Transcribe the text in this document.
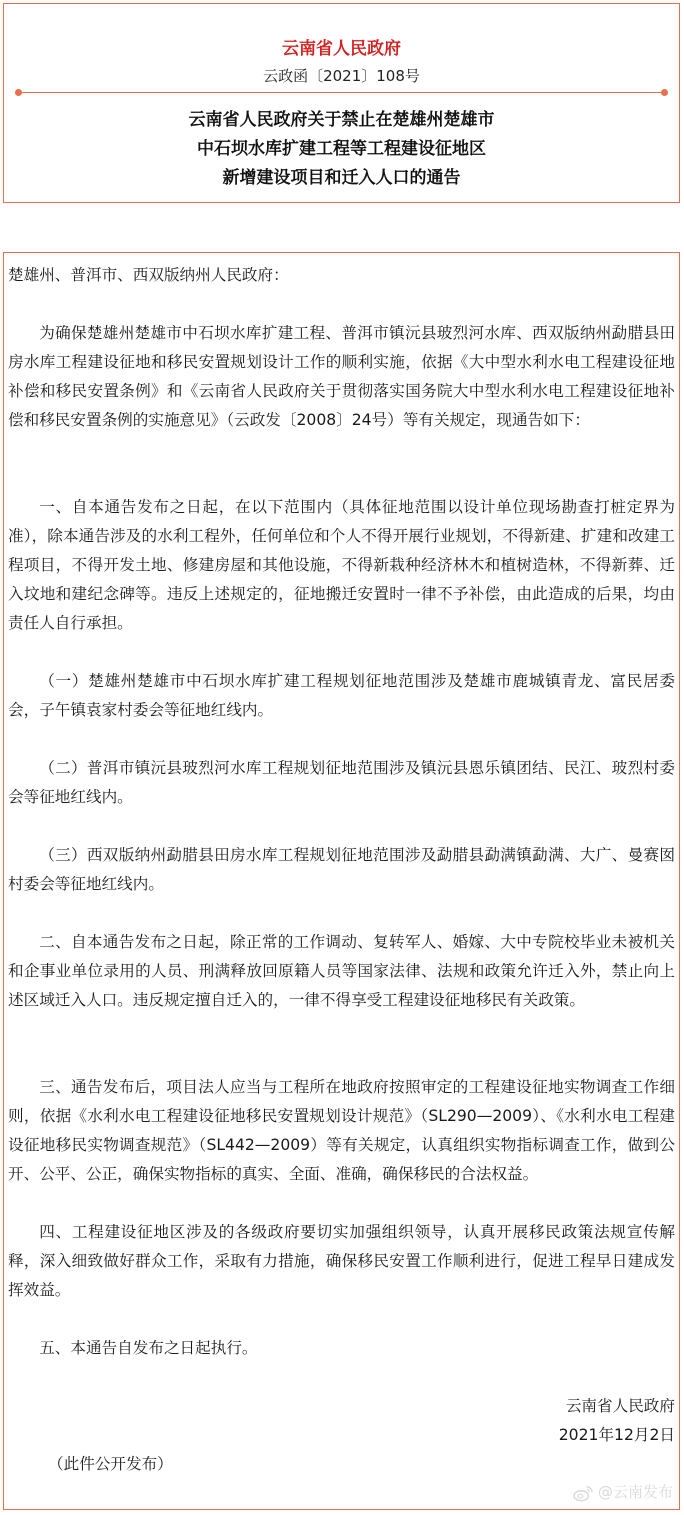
云南省人民政府
云政函〔2021〕108号
云南省人民政府关于禁止在楚雄州楚雄市
中石坝水库扩建工程等工程建设征地区
新增建设项目和迁入人口的通告
楚雄州、普洱市、西双版纳州人民政府：
为确保楚雄州楚雄市中石坝水库扩建工程、普洱市镇沅县玻烈河水库、西双版纳州勐腊县田房水库工程建设征地和移民安置规划设计工作的顺利实施，依据《大中型水利水电工程建设征地补偿和移民安置条例》和《云南省人民政府关于贯彻落实国务院大中型水利水电工程建设征地补偿和移民安置条例的实施意见》（云政发〔2008〕24号）等有关规定，现通告如下：
一、自本通告发布之日起，在以下范围内（具体征地范围以设计单位现场勘查打桩定界为准），除本通告涉及的水利工程外，任何单位和个人不得开展行业规划，不得新建、扩建和改建工程项目，不得开发土地、修建房屋和其他设施，不得新栽种经济林木和植树造林，不得新葬、迁入坟地和建纪念碑等。违反上述规定的，征地搬迁安置时一律不予补偿，由此造成的后果，均由责任人自行承担。
（一）楚雄州楚雄市中石坝水库扩建工程规划征地范围涉及楚雄市鹿城镇青龙、富民居委会，子午镇袁家村委会等征地红线内。
（二）普洱市镇沅县玻烈河水库工程规划征地范围涉及镇沅县恩乐镇团结、民江、玻烈村委会等征地红线内。
（三）西双版纳州勐腊县田房水库工程规划征地范围涉及勐腊县勐满镇勐满、大广、曼赛囡村委会等征地红线内。
二、自本通告发布之日起，除正常的工作调动、复转军人、婚嫁、大中专院校毕业未被机关和企事业单位录用的人员、刑满释放回原籍人员等国家法律、法规和政策允许迁入外，禁止向上述区域迁入人口。违反规定擅自迁入的，一律不得享受工程建设征地移民有关政策。
三、通告发布后，项目法人应当与工程所在地政府按照审定的工程建设征地实物调查工作细则，依据《水利水电工程建设征地移民安置规划设计规范》（SL290—2009）、《水利水电工程建设征地移民实物调查规范》（SL442—2009）等有关规定，认真组织实物指标调查工作，做到公开、公平、公正，确保实物指标的真实、全面、准确，确保移民的合法权益。
四、工程建设征地区涉及的各级政府要切实加强组织领导，认真开展移民政策法规宣传解释，深入细致做好群众工作，采取有力措施，确保移民安置工作顺利进行，促进工程早日建成发挥效益。
五、本通告自发布之日起执行。
云南省人民政府
2021年12月2日
（此件公开发布）
@云南发布
